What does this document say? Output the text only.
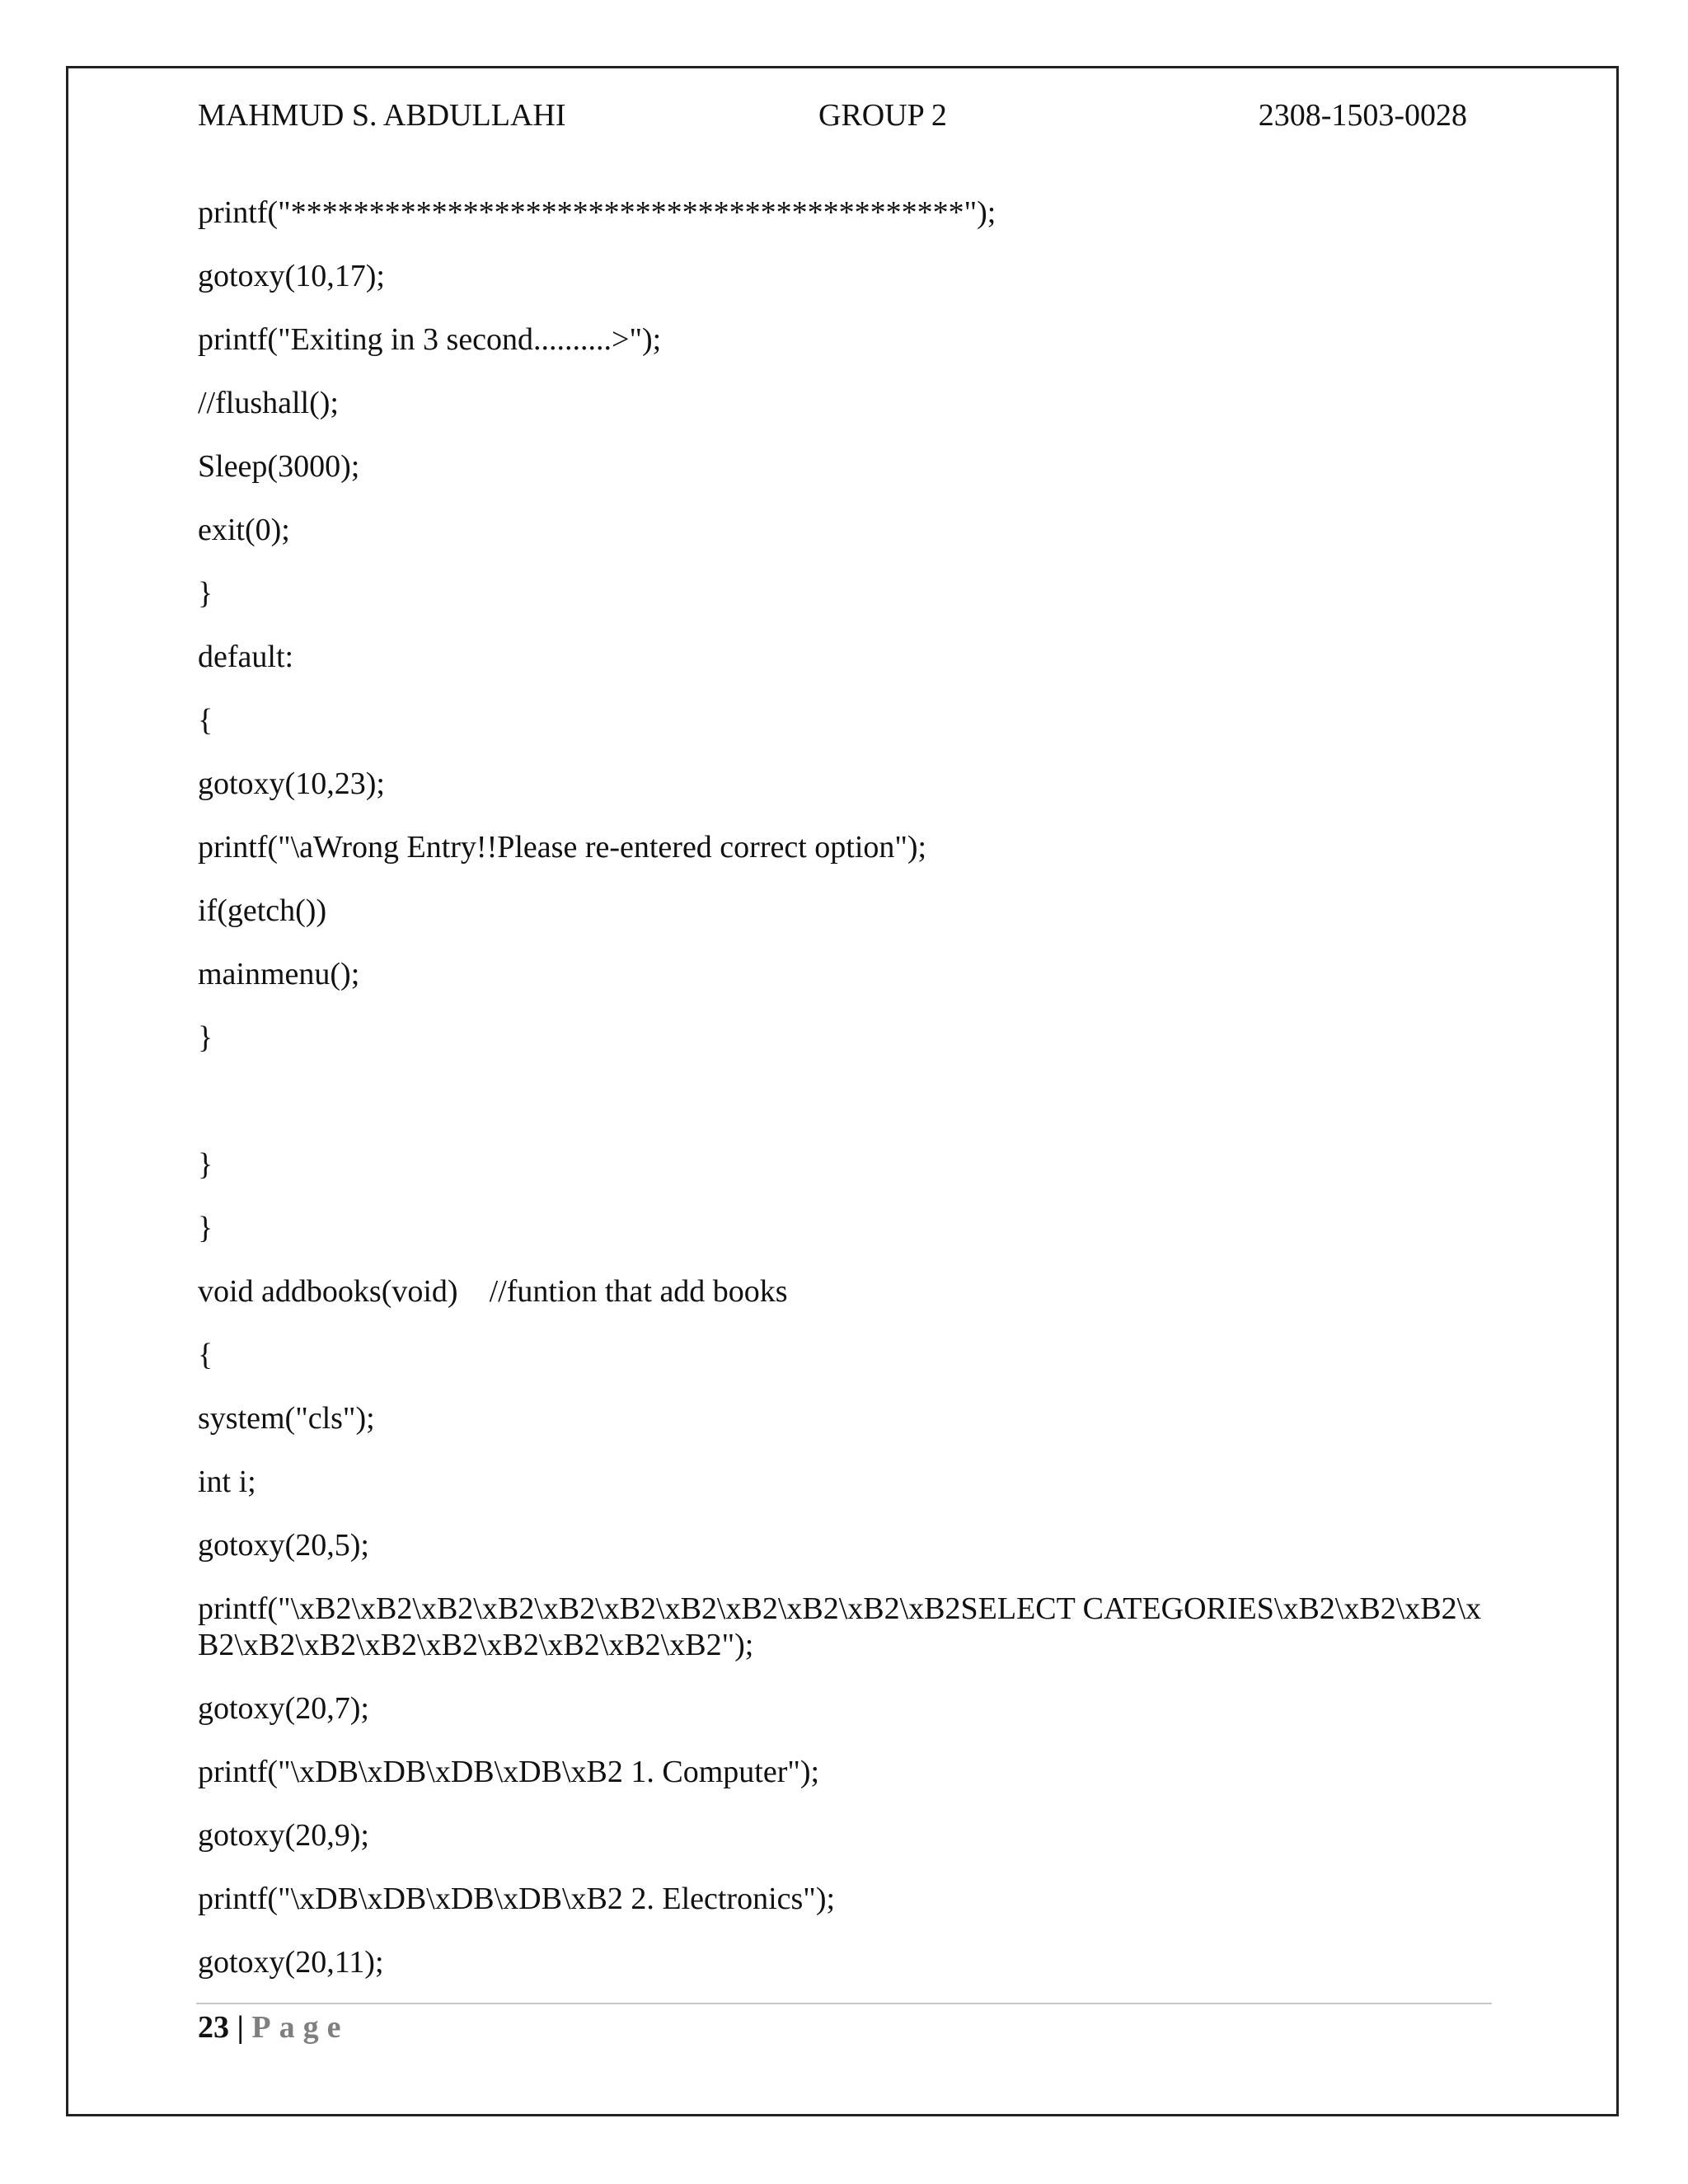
MAHMUD S. ABDULLAHI	GROUP 2	2308-1503-0028
printf("*******************************************");
gotoxy(10,17);
printf("Exiting in 3 second..........>");
//flushall();
Sleep(3000);
exit(0);
}
default:
{
gotoxy(10,23);
printf("\aWrong Entry!!Please re-entered correct option");
if(getch())
mainmenu();
}
}
}
void addbooks(void)    //funtion that add books
{
system("cls");
int i;
gotoxy(20,5);
printf("\xB2\xB2\xB2\xB2\xB2\xB2\xB2\xB2\xB2\xB2\xB2SELECT CATEGORIES\xB2\xB2\xB2\xB2\xB2\xB2\xB2\xB2\xB2\xB2\xB2\xB2");
gotoxy(20,7);
printf("\xDB\xDB\xDB\xDB\xB2 1. Computer");
gotoxy(20,9);
printf("\xDB\xDB\xDB\xDB\xB2 2. Electronics");
gotoxy(20,11);
23 | Page
